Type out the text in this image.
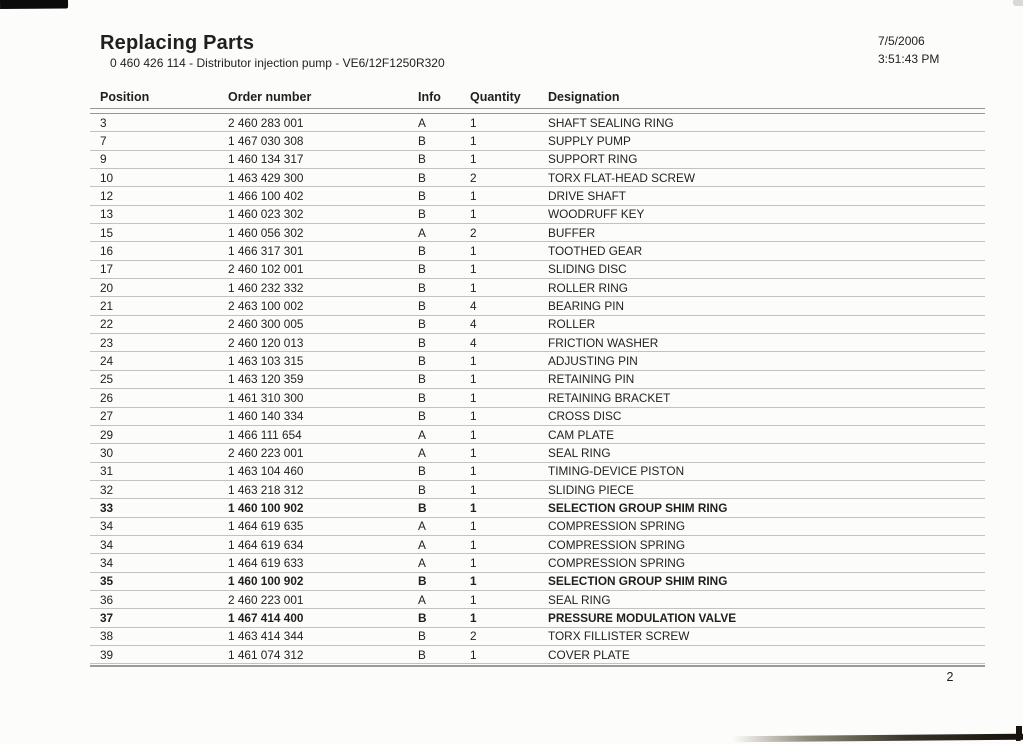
Replacing Parts
0 460 426 114 - Distributor injection pump - VE6/12F1250R320
7/5/2006
3:51:43 PM
Position	Order number	Info	Quantity	Designation
3	2 460 283 001	A	1	SHAFT SEALING RING
7	1 467 030 308	B	1	SUPPLY PUMP
9	1 460 134 317	B	1	SUPPORT RING
10	1 463 429 300	B	2	TORX FLAT-HEAD SCREW
12	1 466 100 402	B	1	DRIVE SHAFT
13	1 460 023 302	B	1	WOODRUFF KEY
15	1 460 056 302	A	2	BUFFER
16	1 466 317 301	B	1	TOOTHED GEAR
17	2 460 102 001	B	1	SLIDING DISC
20	1 460 232 332	B	1	ROLLER RING
21	2 463 100 002	B	4	BEARING PIN
22	2 460 300 005	B	4	ROLLER
23	2 460 120 013	B	4	FRICTION WASHER
24	1 463 103 315	B	1	ADJUSTING PIN
25	1 463 120 359	B	1	RETAINING PIN
26	1 461 310 300	B	1	RETAINING BRACKET
27	1 460 140 334	B	1	CROSS DISC
29	1 466 111 654	A	1	CAM PLATE
30	2 460 223 001	A	1	SEAL RING
31	1 463 104 460	B	1	TIMING-DEVICE PISTON
32	1 463 218 312	B	1	SLIDING PIECE
33	1 460 100 902	B	1	SELECTION GROUP SHIM RING
34	1 464 619 635	A	1	COMPRESSION SPRING
34	1 464 619 634	A	1	COMPRESSION SPRING
34	1 464 619 633	A	1	COMPRESSION SPRING
35	1 460 100 902	B	1	SELECTION GROUP SHIM RING
36	2 460 223 001	A	1	SEAL RING
37	1 467 414 400	B	1	PRESSURE MODULATION VALVE
38	1 463 414 344	B	2	TORX FILLISTER SCREW
39	1 461 074 312	B	1	COVER PLATE
2
